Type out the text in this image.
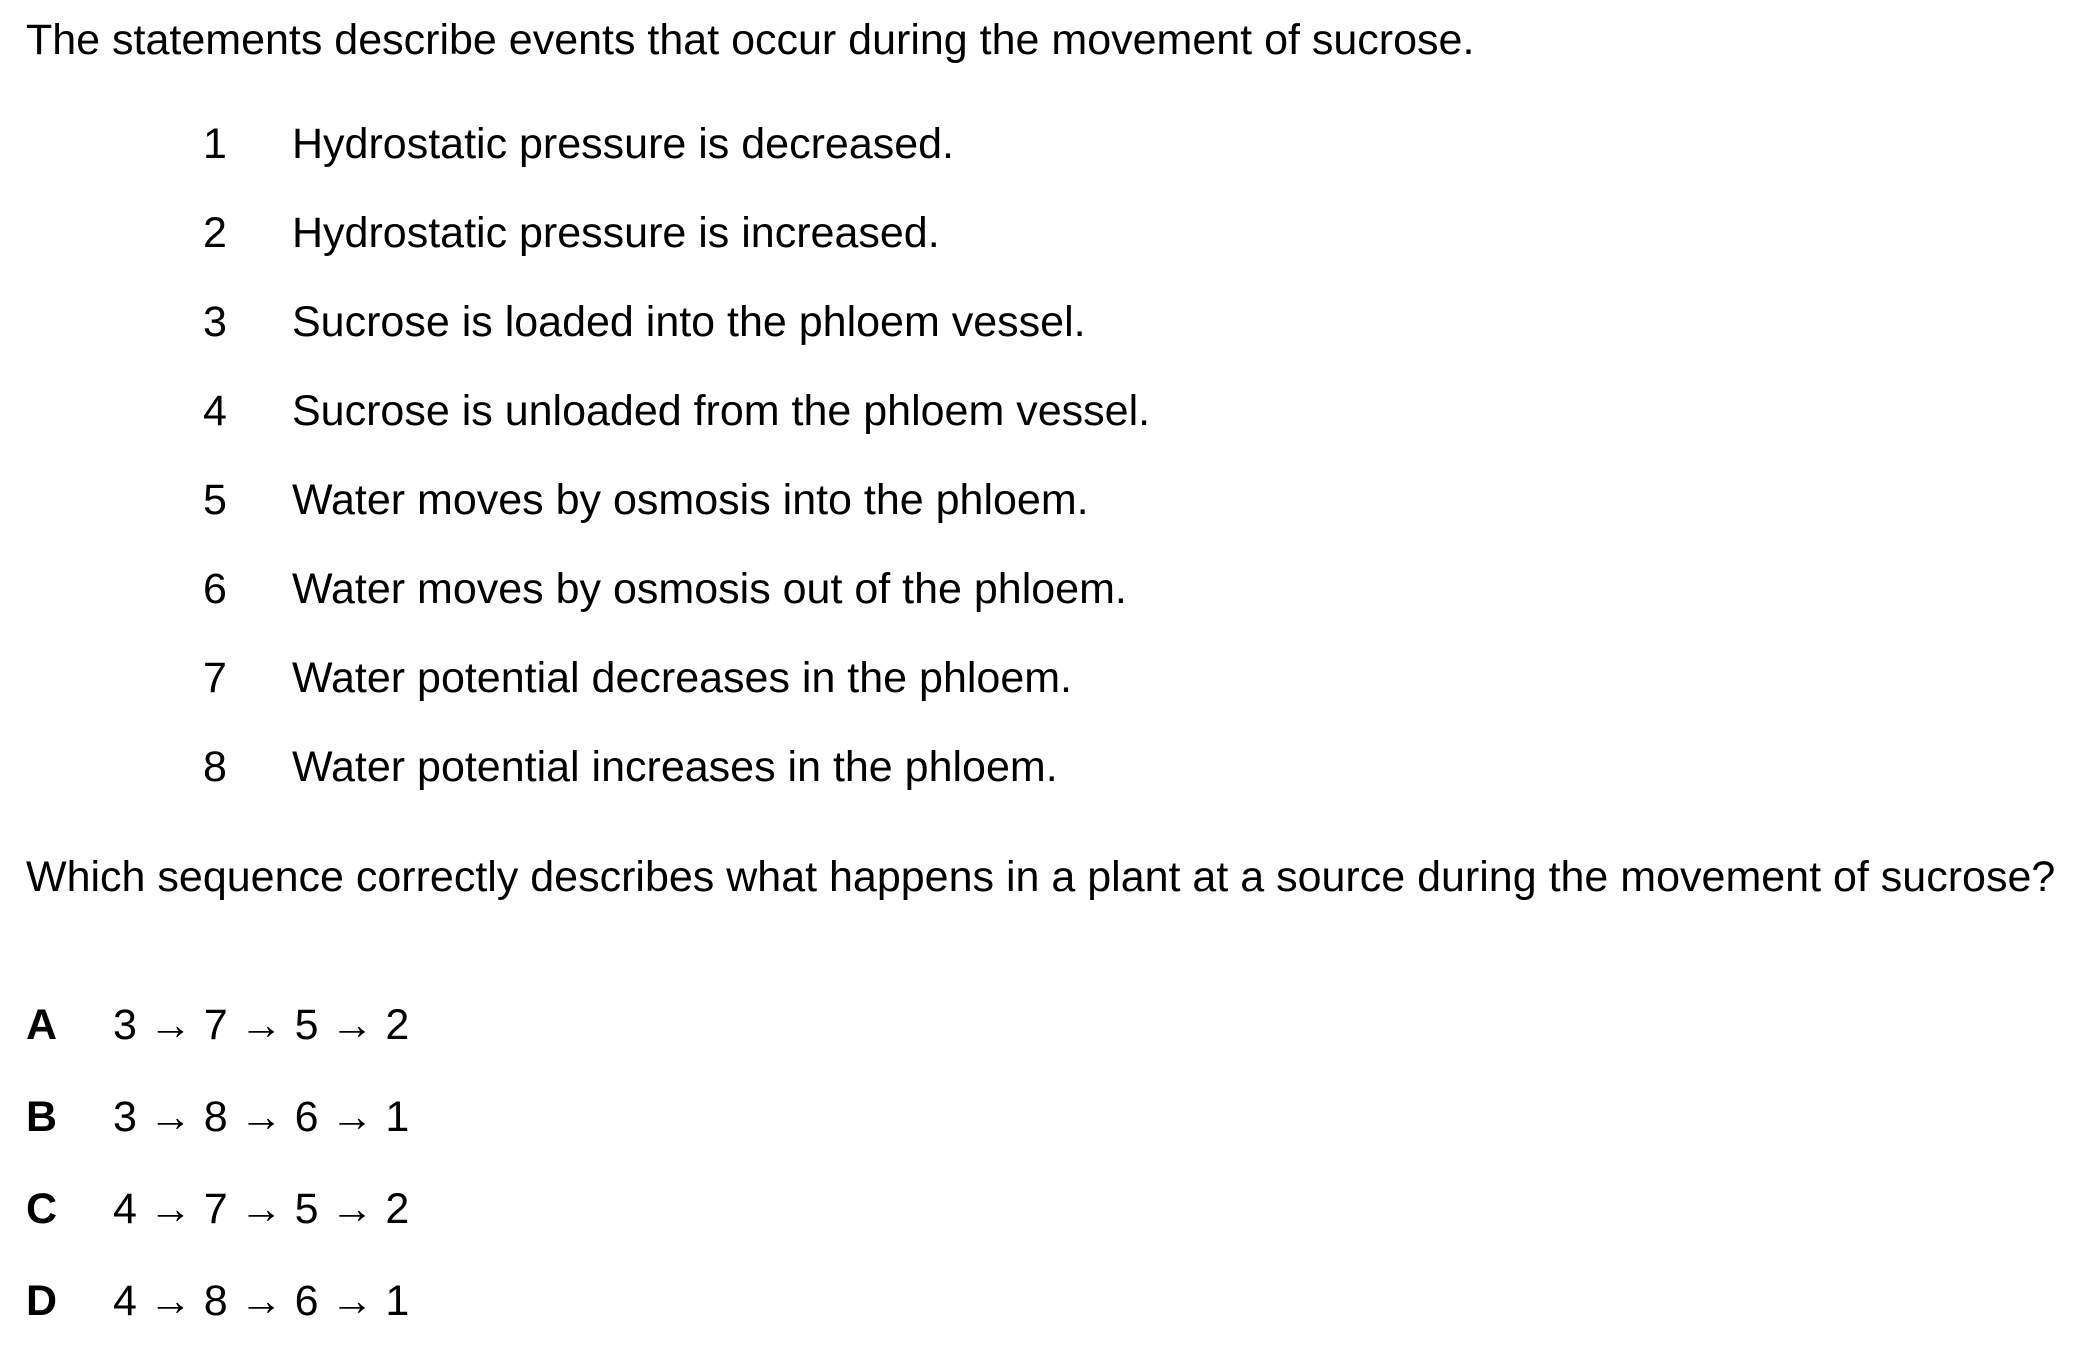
The statements describe events that occur during the movement of sucrose.
1 Hydrostatic pressure is decreased.
2 Hydrostatic pressure is increased.
3 Sucrose is loaded into the phloem vessel.
4 Sucrose is unloaded from the phloem vessel.
5 Water moves by osmosis into the phloem.
6 Water moves by osmosis out of the phloem.
7 Water potential decreases in the phloem.
8 Water potential increases in the phloem.
Which sequence correctly describes what happens in a plant at a source during the movement of sucrose?
A 3 → 7 → 5 → 2
B 3 → 8 → 6 → 1
C 4 → 7 → 5 → 2
D 4 → 8 → 6 → 1
